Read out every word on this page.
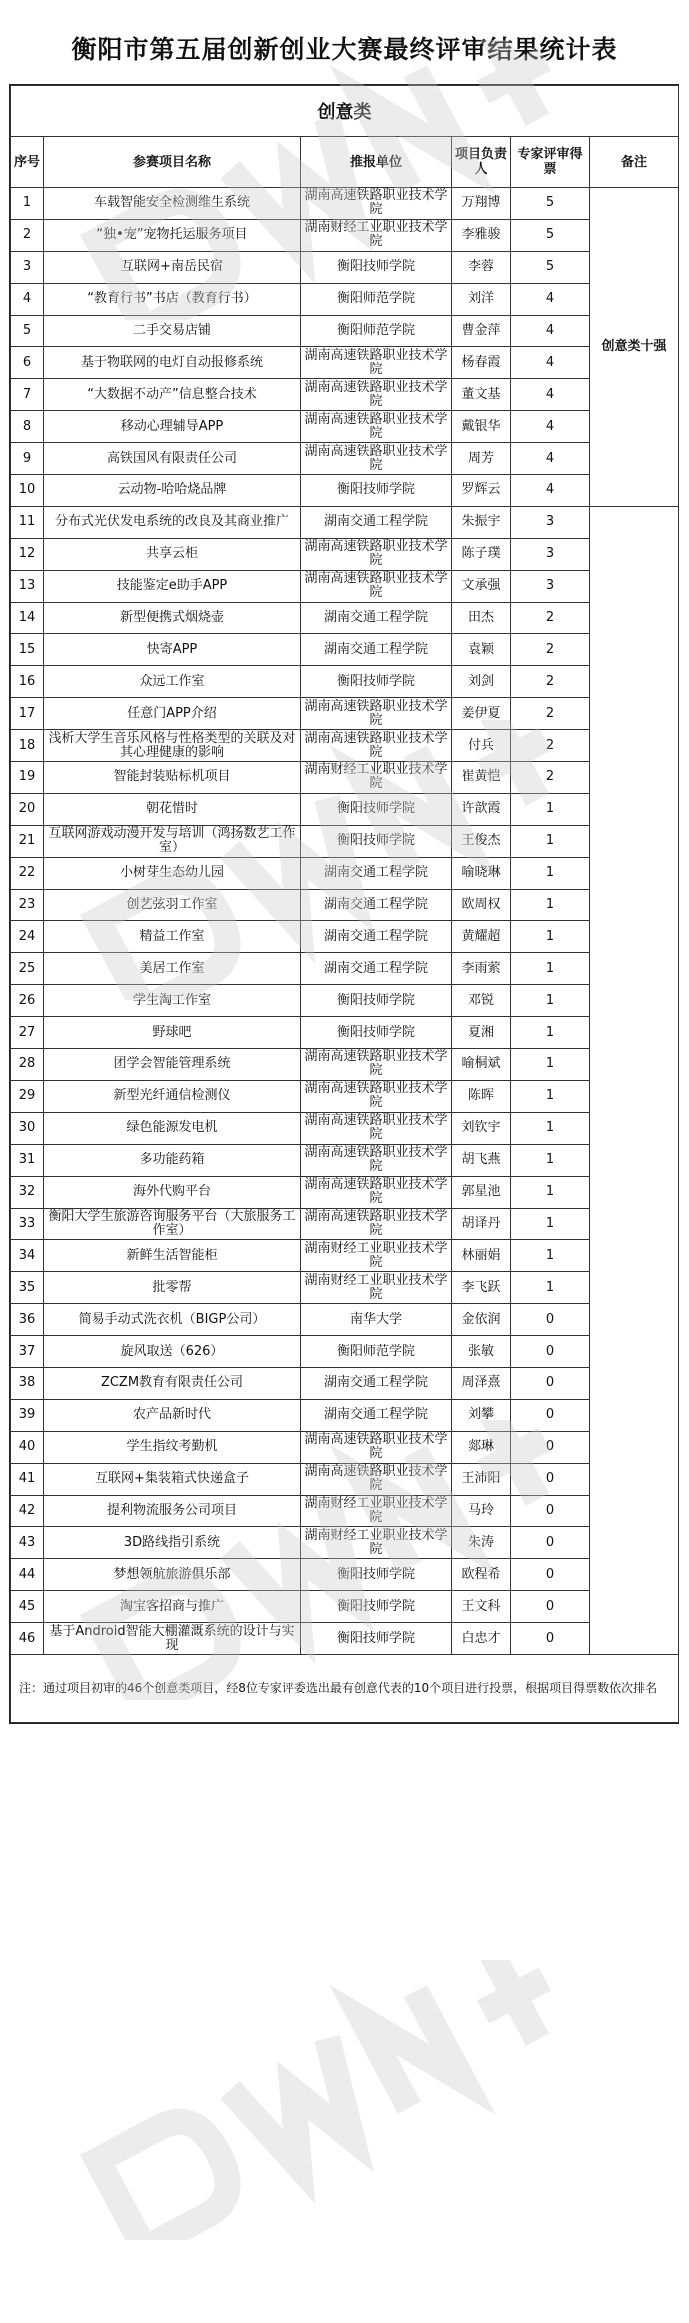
衡阳市第五届创新创业大赛最终评审结果统计表
创意类					
序号	参赛项目名称	推报单位	项目负责人	专家评审得票	备注
1	车载智能安全检测维生系统	湖南高速铁路职业技术学院	万翔博	5	创意类十强
2	“独•宠”宠物托运服务项目	湖南财经工业职业技术学院	李雅骏	5	
3	互联网+南岳民宿	衡阳技师学院	李蓉	5	
4	“教育行书”书店（教育行书）	衡阳师范学院	刘洋	4	
5	二手交易店铺	衡阳师范学院	曹金萍	4	
6	基于物联网的电灯自动报修系统	湖南高速铁路职业技术学院	杨春霞	4	
7	“大数据不动产”信息整合技术	湖南高速铁路职业技术学院	董文基	4	
8	移动心理辅导APP	湖南高速铁路职业技术学院	戴银华	4	
9	高铁国风有限责任公司	湖南高速铁路职业技术学院	周芳	4	
10	云动物-哈哈烧品牌	衡阳技师学院	罗辉云	4	
11	分布式光伏发电系统的改良及其商业推广	湖南交通工程学院	朱振宇	3	
12	共享云柜	湖南高速铁路职业技术学院	陈子璞	3	
13	技能鉴定e助手APP	湖南高速铁路职业技术学院	文承强	3	
14	新型便携式烟烧壶	湖南交通工程学院	田杰	2	
15	快寄APP	湖南交通工程学院	袁颖	2	
16	众远工作室	衡阳技师学院	刘剑	2	
17	任意门APP介绍	湖南高速铁路职业技术学院	姜伊夏	2	
18	浅析大学生音乐风格与性格类型的关联及对其心理健康的影响	湖南高速铁路职业技术学院	付兵	2	
19	智能封装贴标机项目	湖南财经工业职业技术学院	崔黄恺	2	
20	朝花惜时	衡阳技师学院	许歆霞	1	
21	互联网游戏动漫开发与培训（鸿扬数艺工作室）	衡阳技师学院	王俊杰	1	
22	小树芽生态幼儿园	湖南交通工程学院	喻晓琳	1	
23	创艺弦羽工作室	湖南交通工程学院	欧周权	1	
24	精益工作室	湖南交通工程学院	黄耀超	1	
25	美居工作室	湖南交通工程学院	李雨萦	1	
26	学生淘工作室	衡阳技师学院	邓锐	1	
27	野球吧	衡阳技师学院	夏湘	1	
28	团学会智能管理系统	湖南高速铁路职业技术学院	喻桐斌	1	
29	新型光纤通信检测仪	湖南高速铁路职业技术学院	陈晖	1	
30	绿色能源发电机	湖南高速铁路职业技术学院	刘钦宇	1	
31	多功能药箱	湖南高速铁路职业技术学院	胡飞燕	1	
32	海外代购平台	湖南高速铁路职业技术学院	郭星池	1	
33	衡阳大学生旅游咨询服务平台（大旅服务工作室）	湖南高速铁路职业技术学院	胡译丹	1	
34	新鲜生活智能柜	湖南财经工业职业技术学院	林丽娟	1	
35	批零帮	湖南财经工业职业技术学院	李飞跃	1	
36	简易手动式洗衣机（BIGP公司）	南华大学	金依润	0	
37	旋风取送（626）	衡阳师范学院	张敏	0	
38	ZCZM教育有限责任公司	湖南交通工程学院	周泽熹	0	
39	农产品新时代	湖南交通工程学院	刘攀	0	
40	学生指纹考勤机	湖南高速铁路职业技术学院	郯琳	0	
41	互联网+集装箱式快递盒子	湖南高速铁路职业技术学院	王沛阳	0	
42	提利物流服务公司项目	湖南财经工业职业技术学院	马玲	0	
43	3D路线指引系统	湖南财经工业职业技术学院	朱涛	0	
44	梦想领航旅游俱乐部	衡阳技师学院	欧程希	0	
45	淘宝客招商与推广	衡阳技师学院	王文科	0	
46	基于Android智能大棚灌溉系统的设计与实现	衡阳技师学院	白忠才	0	
注：通过项目初审的46个创意类项目，经8位专家评委选出最有创意代表的10个项目进行投票，根据项目得票数依次排名					
